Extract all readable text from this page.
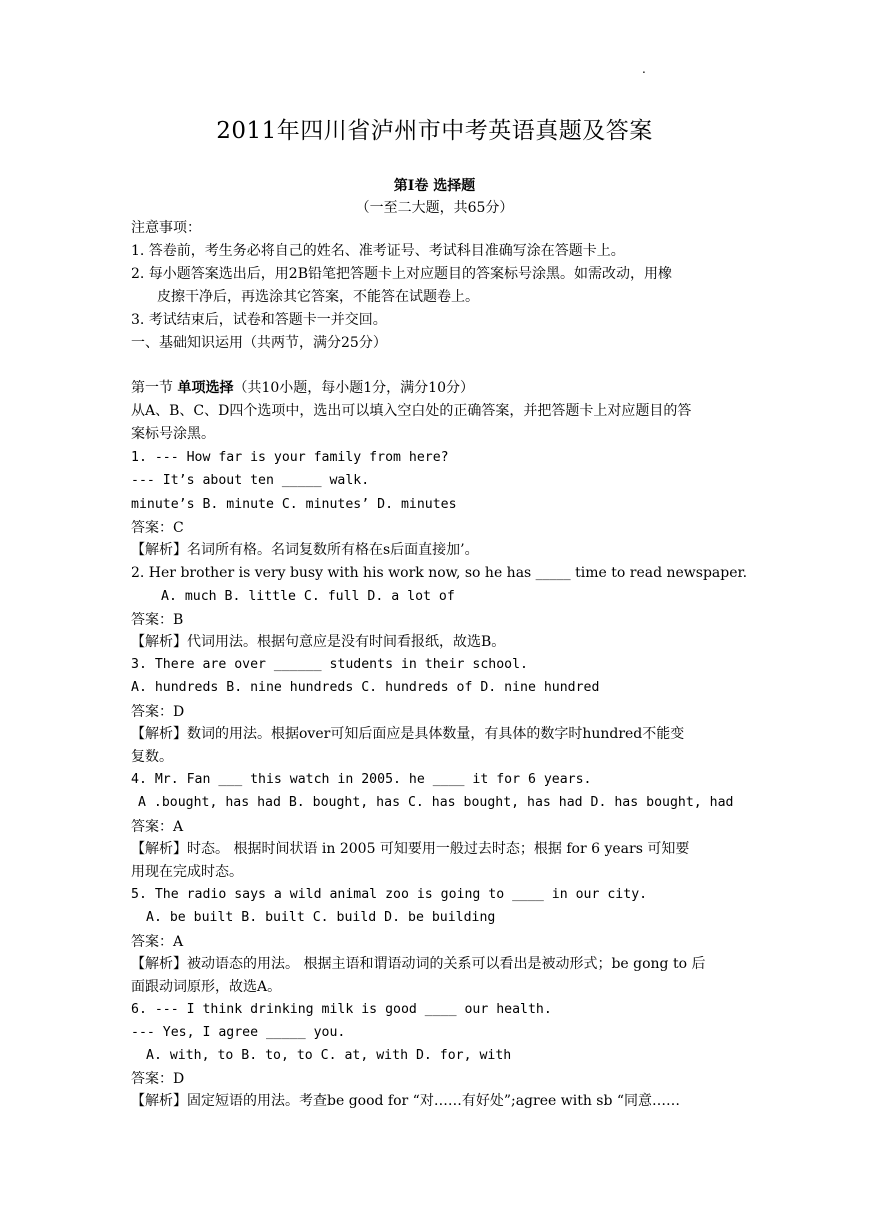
.
2011年四川省泸州市中考英语真题及答案
第I卷 选择题
（一至二大题，共65分）
注意事项：
1. 答卷前，考生务必将自己的姓名、准考证号、考试科目准确写涂在答题卡上。
2. 每小题答案选出后，用2B铅笔把答题卡上对应题目的答案标号涂黑。如需改动，用橡
皮擦干净后，再选涂其它答案，不能答在试题卷上。
3. 考试结束后，试卷和答题卡一并交回。
一、基础知识运用（共两节，满分25分）
第一节 单项选择（共10小题，每小题1分，满分10分）
从A、B、C、D四个选项中，选出可以填入空白处的正确答案，并把答题卡上对应题目的答
案标号涂黑。
1. --- How far is your family from here?
--- It’s about ten _____ walk.
minute’s B. minute C. minutes’ D. minutes
答案：C
【解析】名词所有格。名词复数所有格在s后面直接加’。
2. Her brother is very busy with his work now, so he has _____ time to read newspaper.
A. much B. little C. full D. a lot of
答案：B
【解析】代词用法。根据句意应是没有时间看报纸，故选B。
3. There are over ______ students in their school.
A. hundreds B. nine hundreds C. hundreds of D. nine hundred
答案：D
【解析】数词的用法。根据over可知后面应是具体数量，有具体的数字时hundred不能变
复数。
4. Mr. Fan ___ this watch in 2005. he ____ it for 6 years.
A .bought, has had B. bought, has C. has bought, has had D. has bought, had
答案：A
【解析】时态。 根据时间状语 in 2005 可知要用一般过去时态；根据 for 6 years 可知要
用现在完成时态。
5. The radio says a wild animal zoo is going to ____ in our city.
A. be built B. built C. build D. be building
答案：A
【解析】被动语态的用法。 根据主语和谓语动词的关系可以看出是被动形式；be gong to 后
面跟动词原形，故选A。
6. --- I think drinking milk is good ____ our health.
--- Yes, I agree _____ you.
A. with, to B. to, to C. at, with D. for, with
答案：D
【解析】固定短语的用法。考查be good for “对……有好处”;agree with sb “同意……
